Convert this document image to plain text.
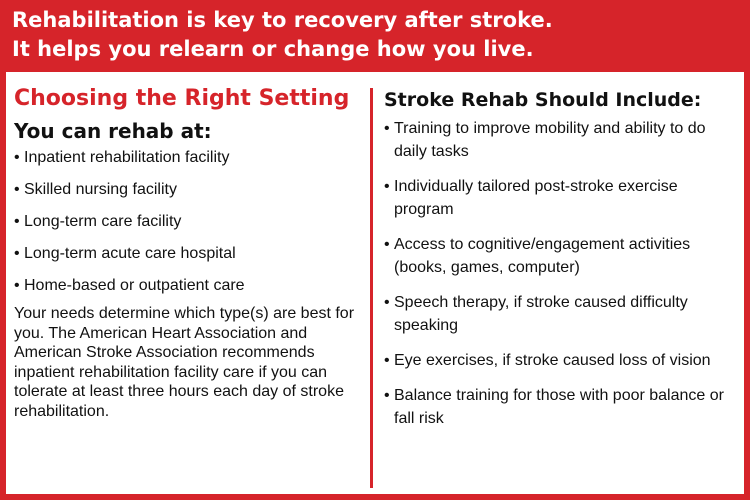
Rehabilitation is key to recovery after stroke.
It helps you relearn or change how you live.
Choosing the Right Setting
You can rehab at:
• Inpatient rehabilitation facility
• Skilled nursing facility
• Long-term care facility
• Long-term acute care hospital
• Home-based or outpatient care

Your needs determine which type(s) are best for you. The American Heart Association and American Stroke Association recommends inpatient rehabilitation facility care if you can tolerate at least three hours each day of stroke rehabilitation.

Stroke Rehab Should Include:
• Training to improve mobility and ability to do daily tasks
• Individually tailored post-stroke exercise program
• Access to cognitive/engagement activities (books, games, computer)
• Speech therapy, if stroke caused difficulty speaking
• Eye exercises, if stroke caused loss of vision
• Balance training for those with poor balance or fall risk
